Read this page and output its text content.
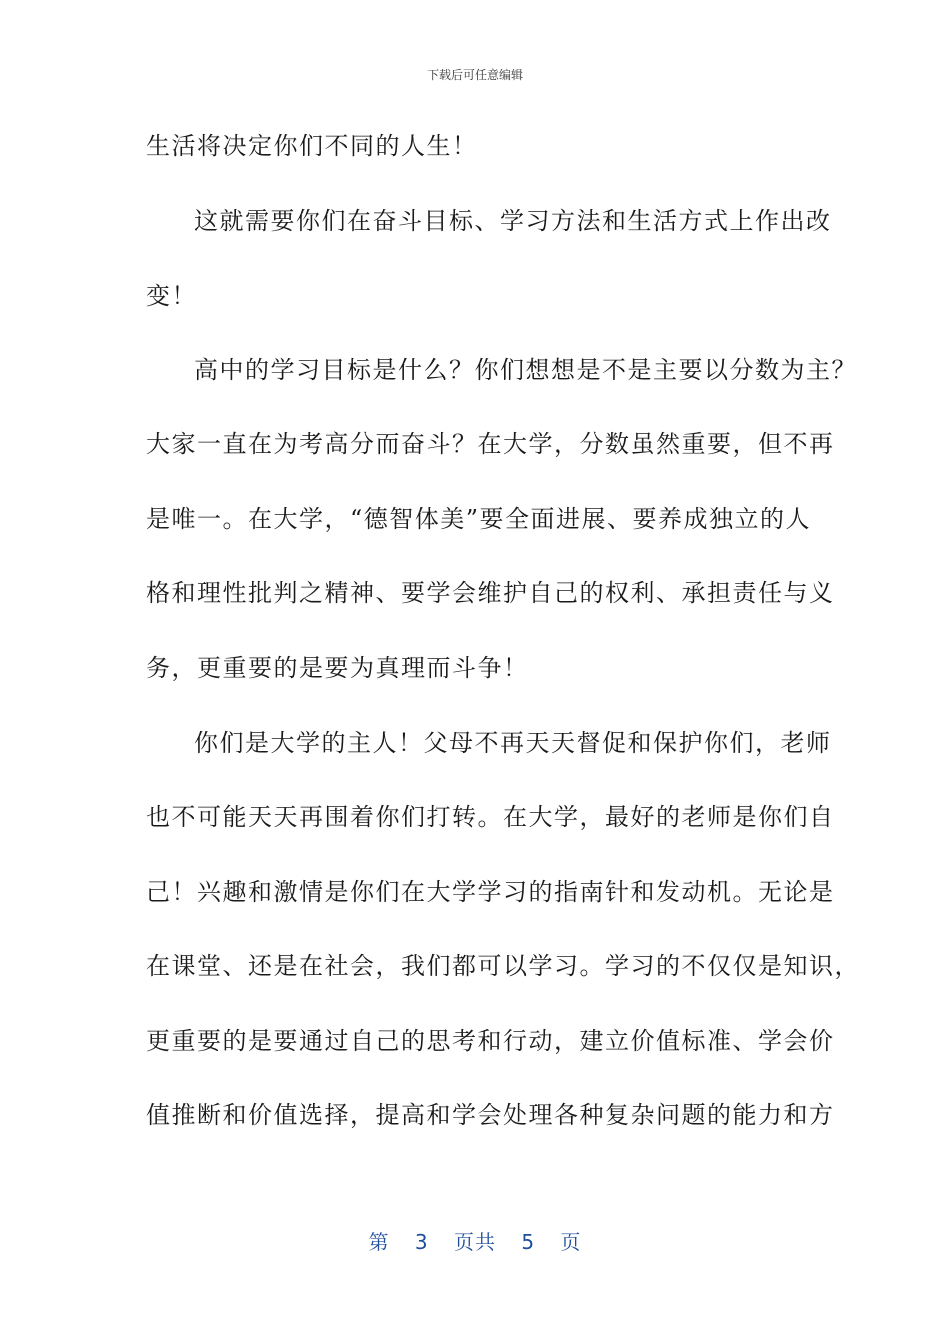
下载后可任意编辑
生活将决定你们不同的人生！
这就需要你们在奋斗目标、学习方法和生活方式上作出改
变！
高中的学习目标是什么？你们想想是不是主要以分数为主？
大家一直在为考高分而奋斗？在大学，分数虽然重要，但不再
是唯一。在大学，“德智体美”要全面进展、要养成独立的人
格和理性批判之精神、要学会维护自己的权利、承担责任与义
务，更重要的是要为真理而斗争！
你们是大学的主人！父母不再天天督促和保护你们，老师
也不可能天天再围着你们打转。在大学，最好的老师是你们自
己！兴趣和激情是你们在大学学习的指南针和发动机。无论是
在课堂、还是在社会，我们都可以学习。学习的不仅仅是知识，
更重要的是要通过自己的思考和行动，建立价值标准、学会价
值推断和价值选择，提高和学会处理各种复杂问题的能力和方
第 3 页共 5 页
